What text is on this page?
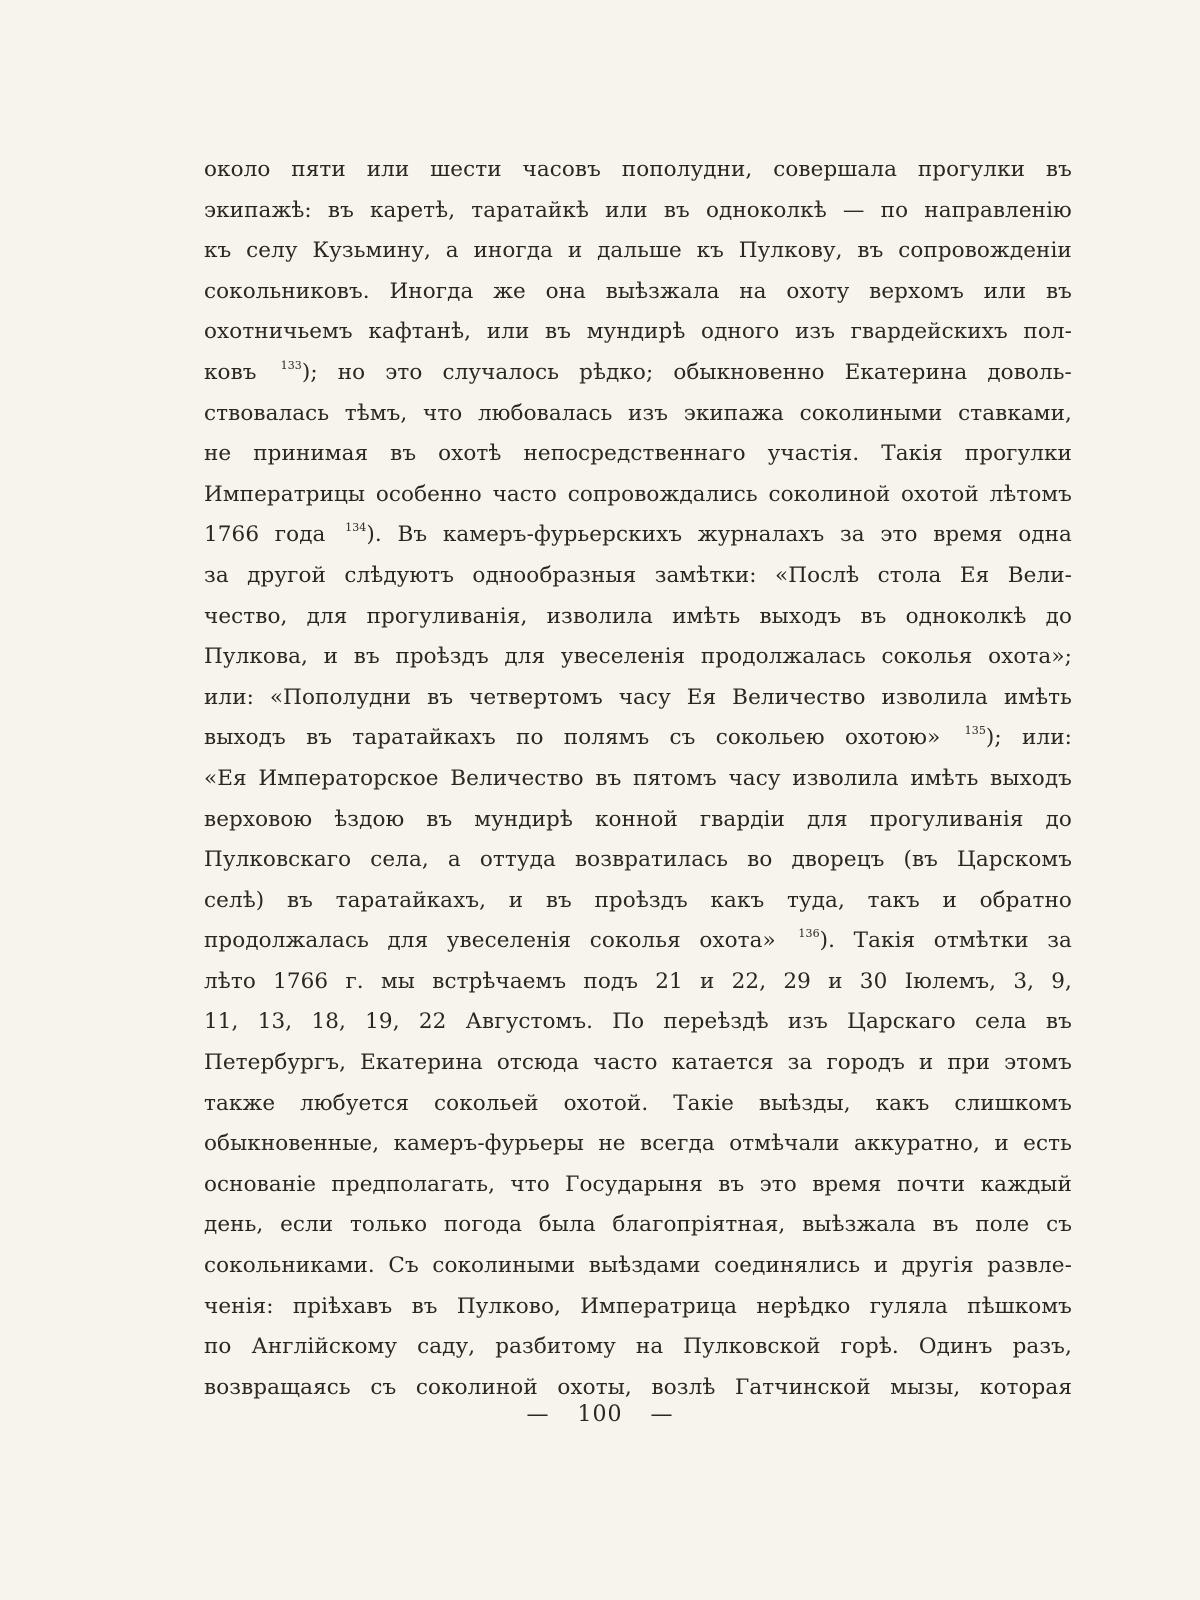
около пяти или шести часовъ пополудни, совершала прогулки въ
экипажѣ: въ каретѣ, таратайкѣ или въ одноколкѣ — по направленію
къ селу Кузьмину, а иногда и дальше къ Пулкову, въ сопровожденіи
сокольниковъ. Иногда же она выѣзжала на охоту верхомъ или въ
охотничьемъ кафтанѣ, или въ мундирѣ одного изъ гвардейскихъ пол-
ковъ	$^{133}$); но это случалось рѣдко; обыкновенно Екатерина доволь-
ствовалась тѣмъ, что любовалась изъ экипажа соколиными ставками,
не принимая въ охотѣ непосредственнаго участія. Такія прогулки
Императрицы особенно часто сопровождались соколиной охотой лѣтомъ
1766 года	$^{134}$). Въ камеръ-фурьерскихъ журналахъ за это время одна
за другой слѣдуютъ однообразныя замѣтки: «Послѣ стола Ея Вели-
чество, для прогуливанія, изволила имѣть выходъ въ одноколкѣ до
Пулкова, и въ проѣздъ для увеселенія продолжалась соколья охота»;
или: «Пополудни въ четвертомъ часу Ея Величество изволила имѣть
выходъ въ таратайкахъ по полямъ съ сокольею охотою»	$^{135}$); или:
«Ея Императорское Величество въ пятомъ часу изволила имѣть выходъ
верховою ѣздою въ мундирѣ конной гвардіи для прогуливанія до
Пулковскаго села, а оттуда возвратилась во дворецъ (въ Царскомъ
селѣ) въ таратайкахъ, и въ проѣздъ какъ туда, такъ и обратно
продолжалась для увеселенія соколья охота»	$^{136}$). Такія отмѣтки за
лѣто 1766 г. мы встрѣчаемъ подъ 21 и 22, 29 и 30 Іюлемъ, 3, 9,
11, 13, 18, 19, 22 Августомъ. По переѣздѣ изъ Царскаго села въ
Петербургъ, Екатерина отсюда часто катается за городъ и при этомъ
также любуется сокольей охотой. Такіе выѣзды, какъ слишкомъ
обыкновенные, камеръ-фурьеры не всегда отмѣчали аккуратно, и есть
основаніе предполагать, что Государыня въ это время почти каждый
день, если только погода была благопріятная, выѣзжала въ поле съ
сокольниками. Съ соколиными выѣздами соединялись и другія развле-
ченія: пріѣхавъ въ Пулково, Императрица нерѣдко гуляла пѣшкомъ
по Англійскому саду, разбитому на Пулковской горѣ. Одинъ разъ,
возвращаясь съ соколиной охоты, возлѣ Гатчинской мызы, которая
— 100 —
